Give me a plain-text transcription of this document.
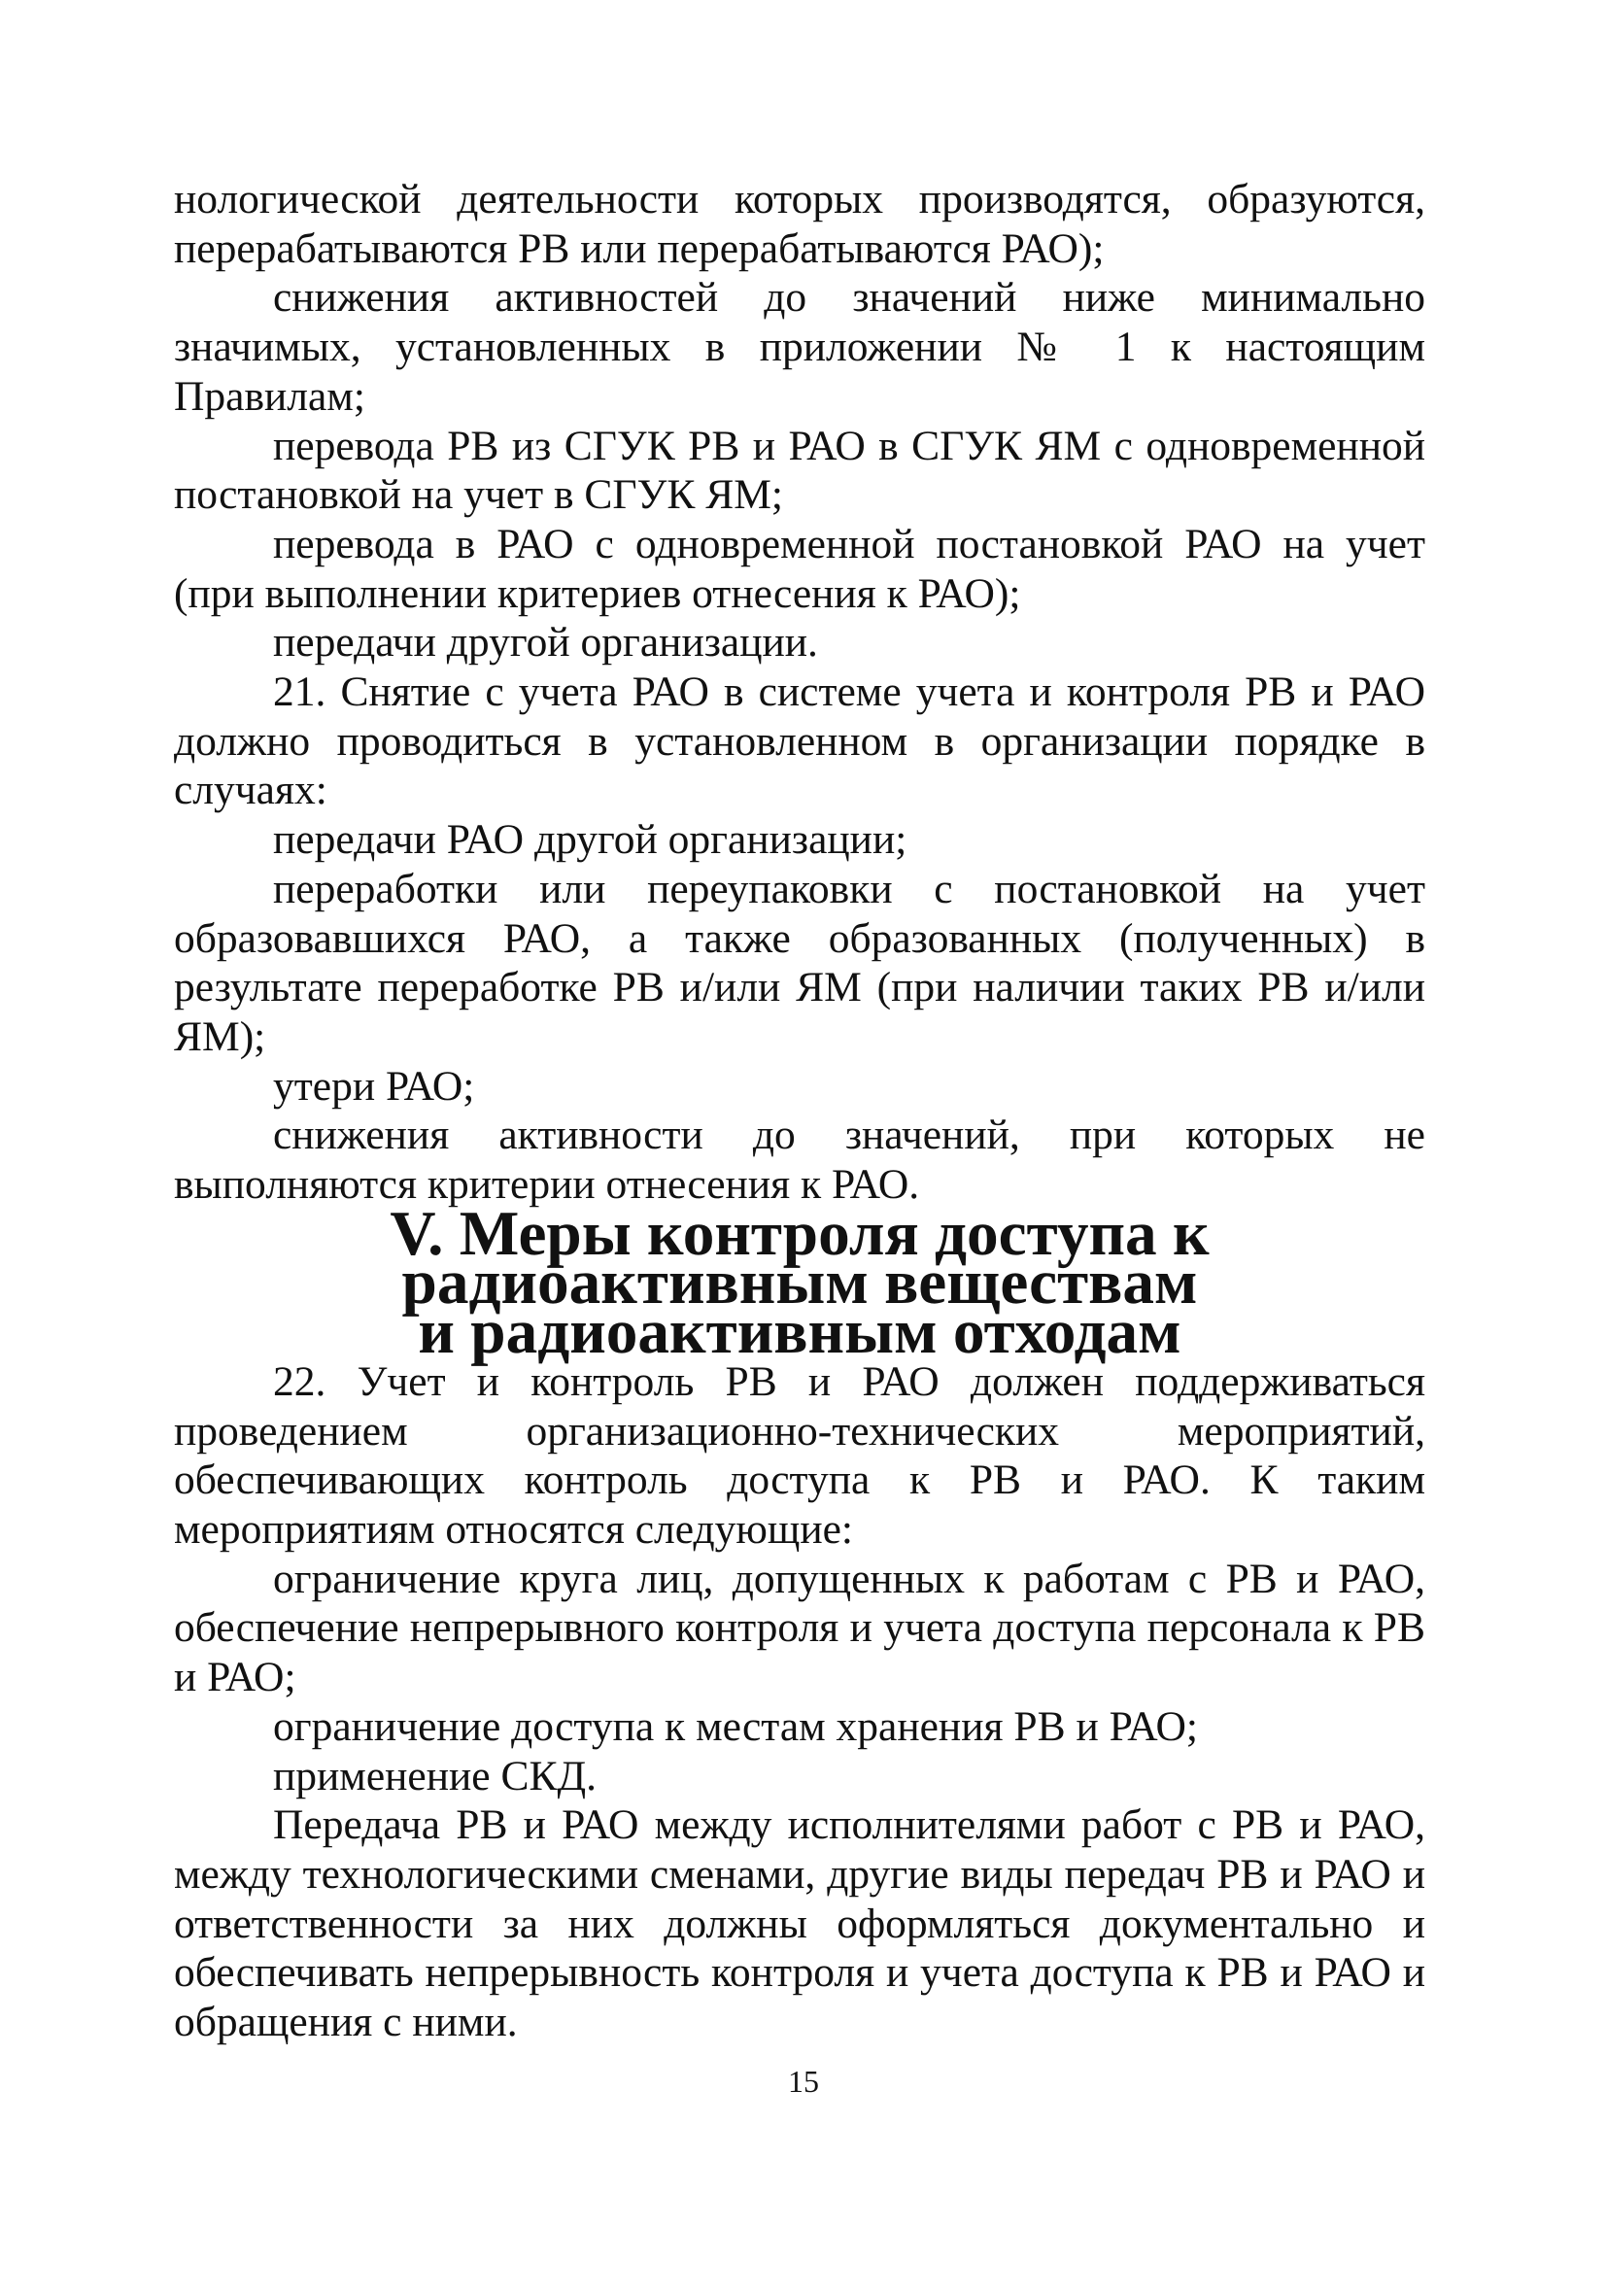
нологической деятельности которых производятся, образуются, перерабатываются РВ или перерабатываются РАО);

снижения активностей до значений ниже минимально значимых, установленных в приложении № 1 к настоящим Правилам;

перевода РВ из СГУК РВ и РАО в СГУК ЯМ с одновременной постановкой на учет в СГУК ЯМ;

перевода в РАО с одновременной постановкой РАО на учет (при выполнении критериев отнесения к РАО);

передачи другой организации.

21. Снятие с учета РАО в системе учета и контроля РВ и РАО должно проводиться в установленном в организации порядке в случаях:

передачи РАО другой организации;

переработки или переупаковки с постановкой на учет образовавшихся РАО, а также образованных (полученных) в результате переработке РВ и/или ЯМ (при наличии таких РВ и/или ЯМ);

утери РАО;

снижения активности до значений, при которых не выполняются критерии отнесения к РАО.

V. Меры контроля доступа к радиоактивным веществам
и радиоактивным отходам

22. Учет и контроль РВ и РАО должен поддерживаться проведением организационно-технических мероприятий, обеспечивающих контроль доступа к РВ и РАО. К таким мероприятиям относятся следующие:

ограничение круга лиц, допущенных к работам с РВ и РАО, обеспечение непрерывного контроля и учета доступа персонала к РВ и РАО;

ограничение доступа к местам хранения РВ и РАО;

применение СКД.

Передача РВ и РАО между исполнителями работ с РВ и РАО, между технологическими сменами, другие виды передач РВ и РАО и ответственности за них должны оформляться документально и обеспечивать непрерывность контроля и учета доступа к РВ и РАО и обращения с ними.

15
